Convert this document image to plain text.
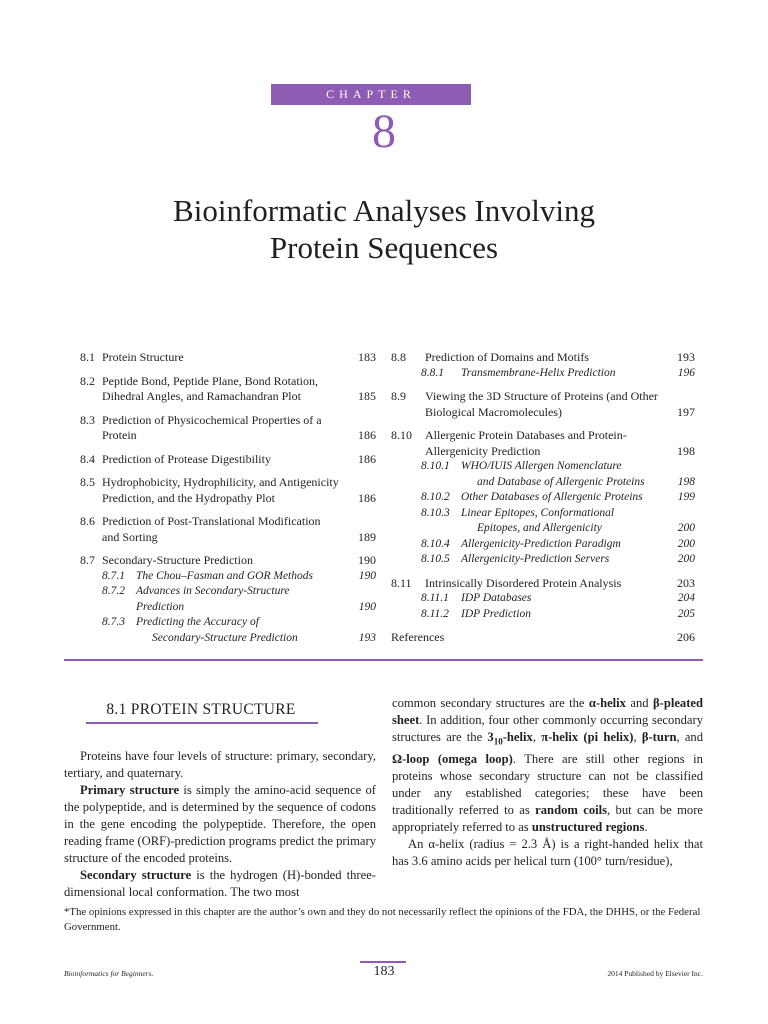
CHAPTER
8
Bioinformatic Analyses Involving
Protein Sequences
8.1 Protein Structure	183
8.2 Peptide Bond, Peptide Plane, Bond Rotation, Dihedral Angles, and Ramachandran Plot	185
8.3 Prediction of Physicochemical Properties of a Protein	186
8.4 Prediction of Protease Digestibility	186
8.5 Hydrophobicity, Hydrophilicity, and Antigenicity Prediction, and the Hydropathy Plot	186
8.6 Prediction of Post-Translational Modification and Sorting	189
8.7 Secondary-Structure Prediction	190
8.7.1 The Chou–Fasman and GOR Methods	190
8.7.2 Advances in Secondary-Structure Prediction	190
8.7.3 Predicting the Accuracy of
Secondary-Structure Prediction	193
8.8	Prediction of Domains and Motifs	193
8.8.1	Transmembrane-Helix Prediction	196
8.9	Viewing the 3D Structure of Proteins (and Other Biological Macromolecules)	197
8.10	Allergenic Protein Databases and Protein-Allergenicity Prediction	198
8.10.1 WHO/IUIS Allergen Nomenclature
and Database of Allergenic Proteins	198
8.10.2 Other Databases of Allergenic Proteins	199
8.10.3 Linear Epitopes, Conformational
Epitopes, and Allergenicity	200
8.10.4 Allergenicity-Prediction Paradigm	200
8.10.5 Allergenicity-Prediction Servers	200
8.11	Intrinsically Disordered Protein Analysis	203
8.11.1	IDP Databases	204
8.11.2	IDP Prediction	205
References	206
8.1 PROTEIN STRUCTURE

Proteins have four levels of structure: primary, secondary, tertiary, and quaternary.

Primary structure is simply the amino-acid sequence of the polypeptide, and is determined by the sequence of codons in the gene encoding the polypeptide. Therefore, the open reading frame (ORF)-prediction programs predict the primary structure of the encoded proteins.

Secondary structure is the hydrogen (H)-bonded three-dimensional local conformation. The two most

common secondary structures are the α-helix and β-pleated sheet. In addition, four other commonly occurring secondary structures are the $3_{10}$-helix, π-helix (pi helix), β-turn, and Ω-loop (omega loop). There are still other regions in proteins whose secondary structure can not be classified under any established categories; these have been traditionally referred to as random coils, but can be more appropriately referred to as unstructured regions.

An α-helix (radius = 2.3 Å) is a right-handed helix that has 3.6 amino acids per helical turn (100° turn/residue),

*The opinions expressed in this chapter are the author’s own and they do not necessarily reflect the opinions of the FDA, the DHHS, or the Federal Government.
Bioinformatics for Beginners.	183	2014 Published by Elsevier Inc.
